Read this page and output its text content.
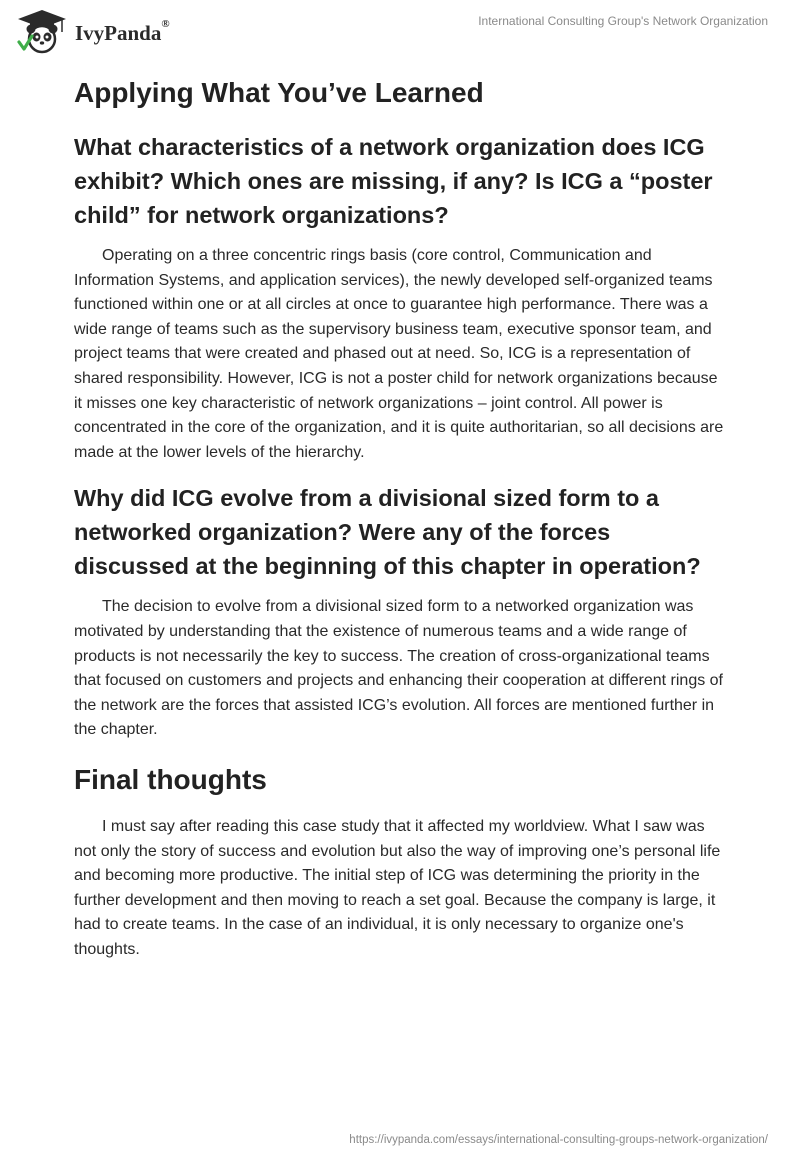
IvyPanda®	International Consulting Group's Network Organization
Applying What You’ve Learned
What characteristics of a network organization does ICG exhibit? Which ones are missing, if any? Is ICG a “poster child” for network organizations?

Operating on a three concentric rings basis (core control, Communication and Information Systems, and application services), the newly developed self-organized teams functioned within one or at all circles at once to guarantee high performance. There was a wide range of teams such as the supervisory business team, executive sponsor team, and project teams that were created and phased out at need. So, ICG is a representation of shared responsibility. However, ICG is not a poster child for network organizations because it misses one key characteristic of network organizations – joint control. All power is concentrated in the core of the organization, and it is quite authoritarian, so all decisions are made at the lower levels of the hierarchy.

Why did ICG evolve from a divisional sized form to a networked organization? Were any of the forces discussed at the beginning of this chapter in operation?

The decision to evolve from a divisional sized form to a networked organization was motivated by understanding that the existence of numerous teams and a wide range of products is not necessarily the key to success. The creation of cross-organizational teams that focused on customers and projects and enhancing their cooperation at different rings of the network are the forces that assisted ICG’s evolution. All forces are mentioned further in the chapter.

Final thoughts

I must say after reading this case study that it affected my worldview. What I saw was not only the story of success and evolution but also the way of improving one’s personal life and becoming more productive. The initial step of ICG was determining the priority in the further development and then moving to reach a set goal. Because the company is large, it had to create teams. In the case of an individual, it is only necessary to organize one's thoughts.

https://ivypanda.com/essays/international-consulting-groups-network-organization/
